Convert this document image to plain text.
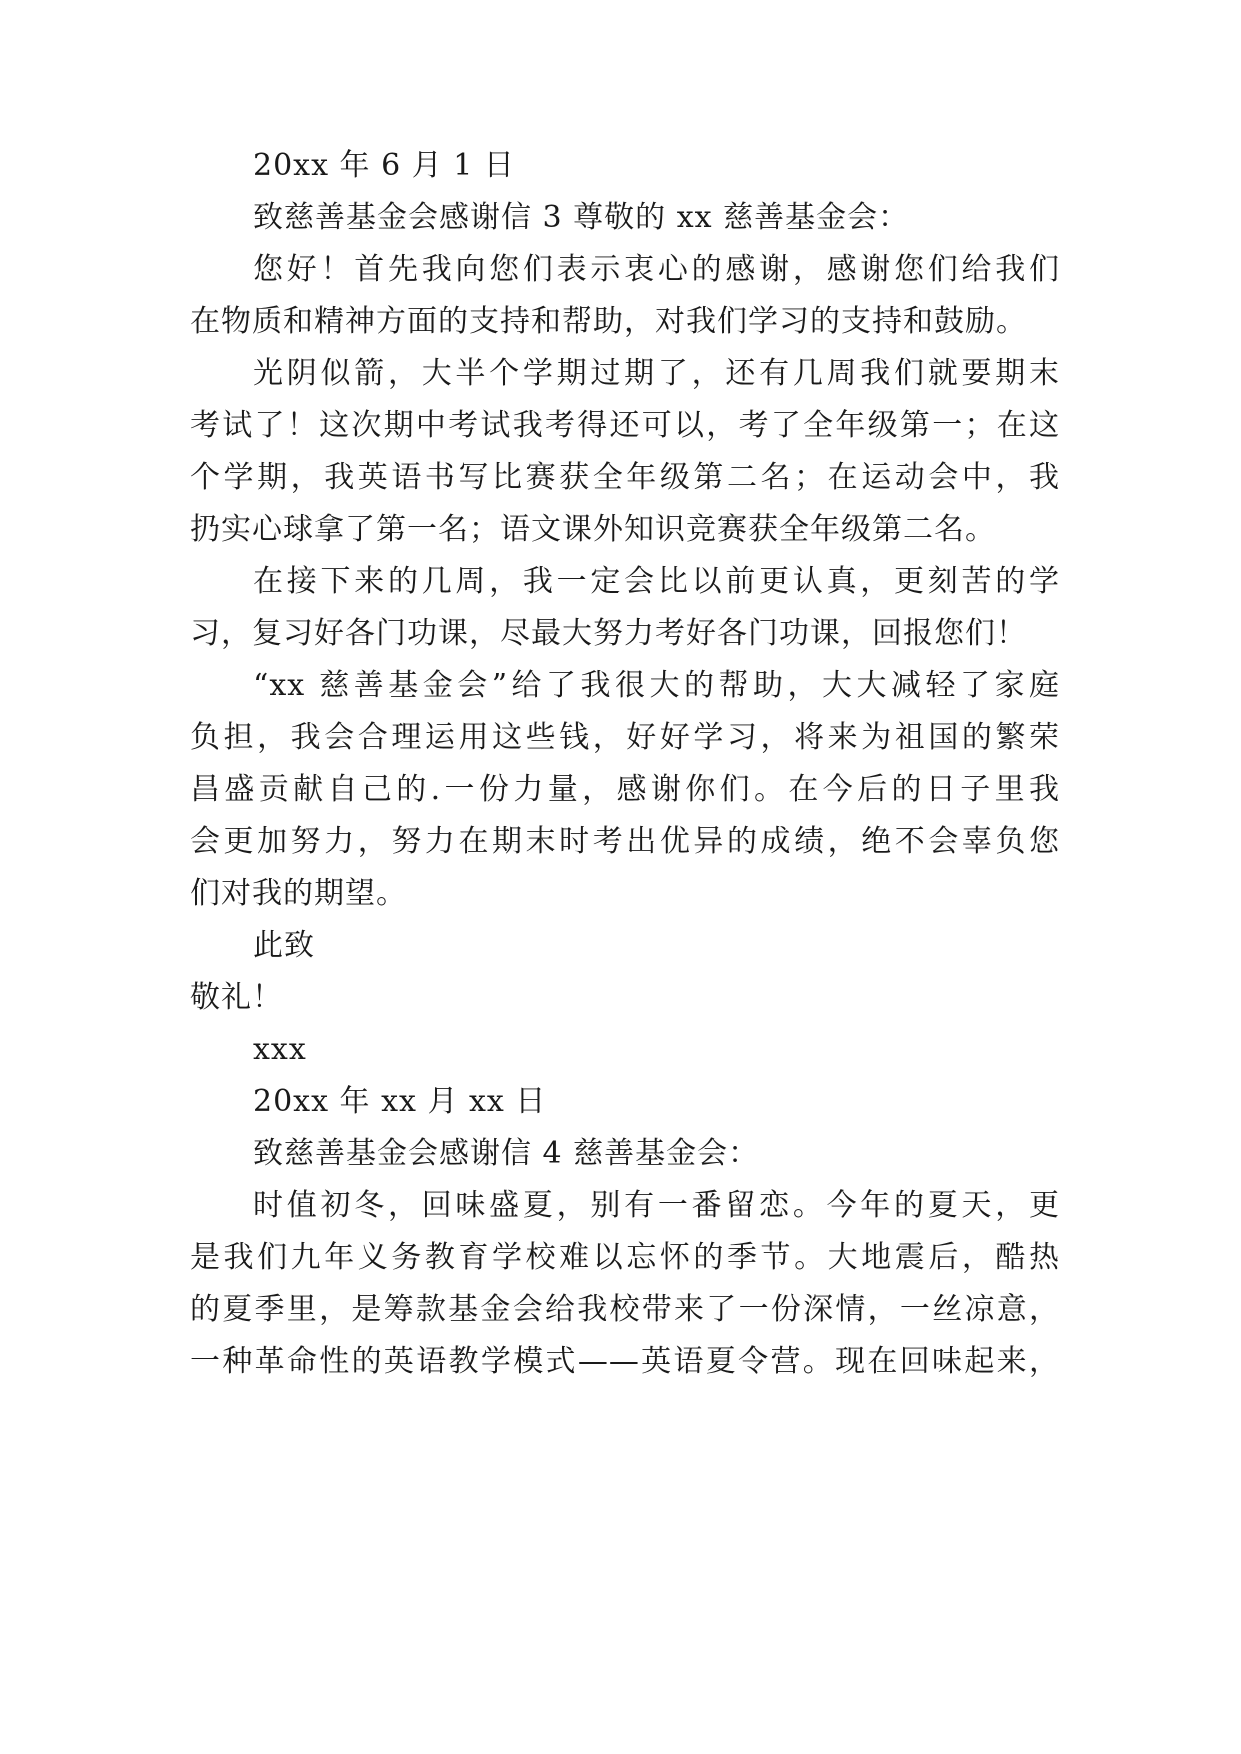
20xx 年 6 月 1 日
致慈善基金会感谢信 3 尊敬的 xx 慈善基金会：
您好！首先我向您们表示衷心的感谢，感谢您们给我们
在物质和精神方面的支持和帮助，对我们学习的支持和鼓励。
光阴似箭，大半个学期过期了，还有几周我们就要期末
考试了！这次期中考试我考得还可以，考了全年级第一；在这
个学期，我英语书写比赛获全年级第二名；在运动会中，我
扔实心球拿了第一名；语文课外知识竞赛获全年级第二名。
在接下来的几周，我一定会比以前更认真，更刻苦的学
习，复习好各门功课，尽最大努力考好各门功课，回报您们！
“xx 慈善基金会”给了我很大的帮助，大大减轻了家庭
负担，我会合理运用这些钱，好好学习，将来为祖国的繁荣
昌盛贡献自己的.一份力量，感谢你们。在今后的日子里我
会更加努力，努力在期末时考出优异的成绩，绝不会辜负您
们对我的期望。
此致
敬礼！
xxx
20xx 年 xx 月 xx 日
致慈善基金会感谢信 4 慈善基金会：
时值初冬，回味盛夏，别有一番留恋。今年的夏天，更
是我们九年义务教育学校难以忘怀的季节。大地震后，酷热
的夏季里，是筹款基金会给我校带来了一份深情，一丝凉意，
一种革命性的英语教学模式——英语夏令营。现在回味起来，
